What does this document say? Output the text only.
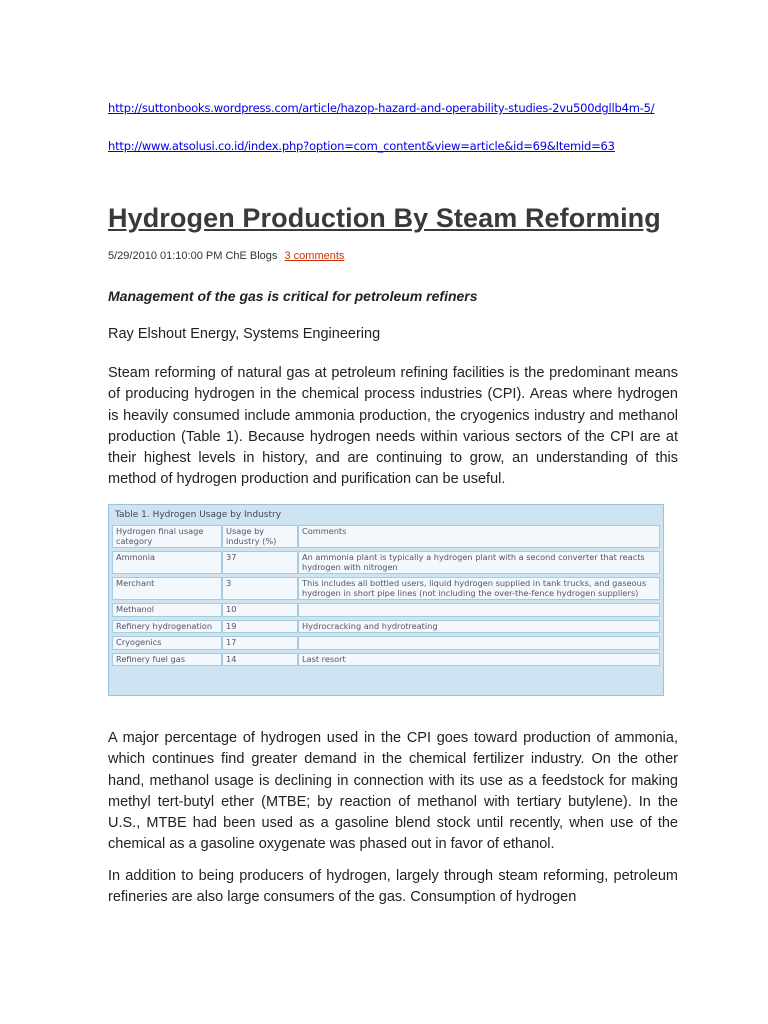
http://suttonbooks.wordpress.com/article/hazop-hazard-and-operability-studies-2vu500dgllb4m-5/
http://www.atsolusi.co.id/index.php?option=com_content&view=article&id=69&Itemid=63
Hydrogen Production By Steam Reforming
5/29/2010 01:10:00 PM ChE Blogs 3 comments

Management of the gas is critical for petroleum refiners

Ray Elshout Energy, Systems Engineering

Steam reforming of natural gas at petroleum refining facilities is the predominant means of producing hydrogen in the chemical process industries (CPI). Areas where hydrogen is heavily consumed include ammonia production, the cryogenics industry and methanol production (Table 1). Because hydrogen needs within various sectors of the CPI are at their highest levels in history, and are continuing to grow, an understanding of this method of hydrogen production and purification can be useful.

Table 1. Hydrogen Usage by Industry
Hydrogen final usage category	Usage by industry (%)	Comments
Ammonia	37	An ammonia plant is typically a hydrogen plant with a second converter that reacts hydrogen with nitrogen
Merchant	3	This includes all bottled users, liquid hydrogen supplied in tank trucks, and gaseous hydrogen in short pipe lines (not including the over-the-fence hydrogen suppliers)
Methanol	10	
Refinery hydrogenation	19	Hydrocracking and hydrotreating
Cryogenics	17	
Refinery fuel gas	14	Last resort

A major percentage of hydrogen used in the CPI goes toward production of ammonia, which continues find greater demand in the chemical fertilizer industry. On the other hand, methanol usage is declining in connection with its use as a feedstock for making methyl tert-butyl ether (MTBE; by reaction of methanol with tertiary butylene). In the U.S., MTBE had been used as a gasoline blend stock until recently, when use of the chemical as a gasoline oxygenate was phased out in favor of ethanol.

In addition to being producers of hydrogen, largely through steam reforming, petroleum refineries are also large consumers of the gas. Consumption of hydrogen
